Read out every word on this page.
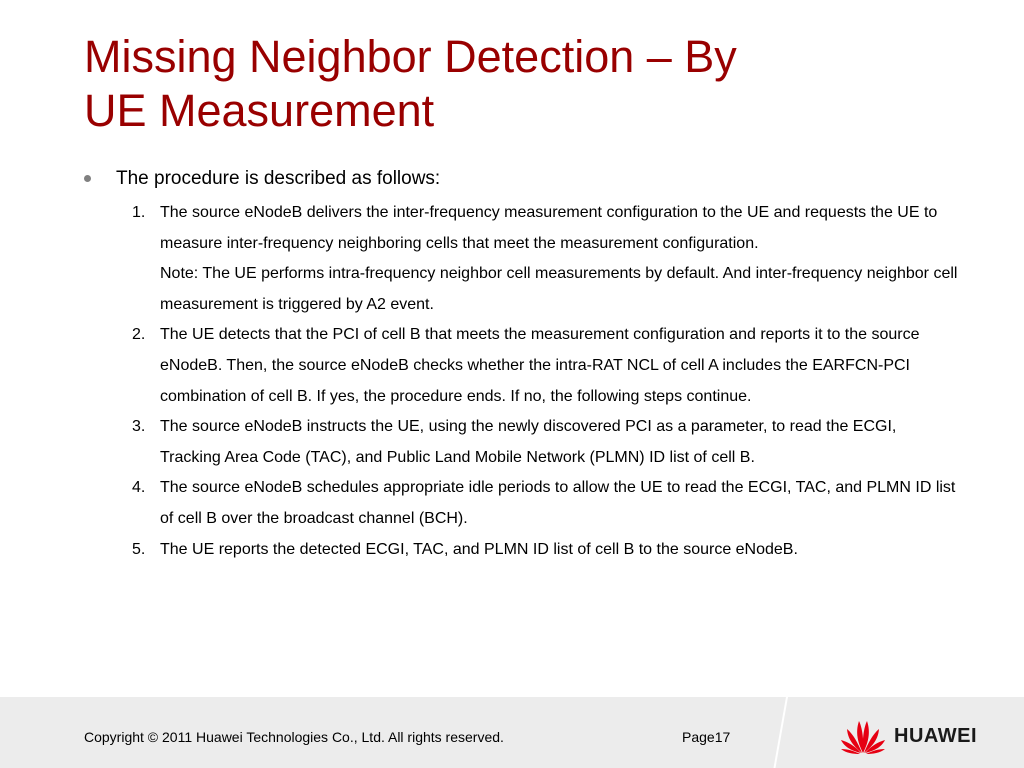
Missing Neighbor Detection – By
UE Measurement
The procedure is described as follows:
1. The source eNodeB delivers the inter-frequency measurement configuration to the UE and requests the UE to measure inter-frequency neighboring cells that meet the measurement configuration.
Note: The UE performs intra-frequency neighbor cell measurements by default. And inter-frequency neighbor cell measurement is triggered by A2 event.
2. The UE detects that the PCI of cell B that meets the measurement configuration and reports it to the source eNodeB. Then, the source eNodeB checks whether the intra-RAT NCL of cell A includes the EARFCN-PCI combination of cell B. If yes, the procedure ends. If no, the following steps continue.
3. The source eNodeB instructs the UE, using the newly discovered PCI as a parameter, to read the ECGI, Tracking Area Code (TAC), and Public Land Mobile Network (PLMN) ID list of cell B.
4. The source eNodeB schedules appropriate idle periods to allow the UE to read the ECGI, TAC, and PLMN ID list of cell B over the broadcast channel (BCH).
5. The UE reports the detected ECGI, TAC, and PLMN ID list of cell B to the source eNodeB.
Copyright © 2011 Huawei Technologies Co., Ltd. All rights reserved.	Page17	HUAWEI
